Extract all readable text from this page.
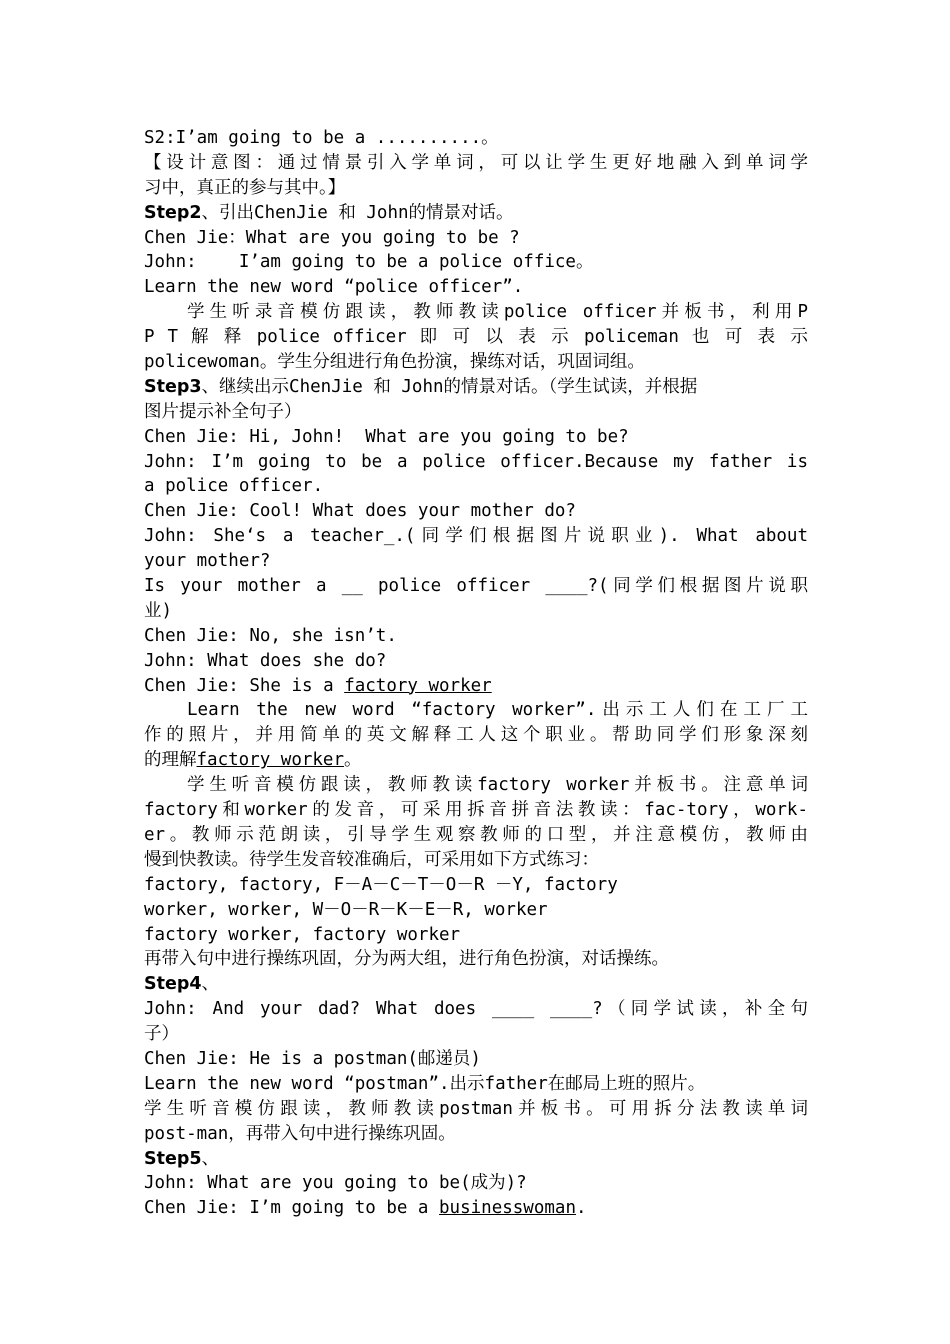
S2:I’am going to be a ..........。
【设计意图：通过情景引入学单词，可以让学生更好地融入到单词学
习中，真正的参与其中。】
Step2、引出ChenJie 和 John的情景对话。
Chen Jie：What are you going to be ?
John:    I’am going to be a police office。
Learn the new word “police officer”.
学生听录音模仿跟读，教师教读police officer并板书，利用P
P T 解 释 police officer 即 可 以 表 示 policeman 也 可 表 示
policewoman。学生分组进行角色扮演，操练对话，巩固词组。
Step3、继续出示ChenJie 和 John的情景对话。（学生试读，并根据
图片提示补全句子）
Chen Jie: Hi, John!  What are you going to be?
John: I’m going to be a police officer.Because my father is
a police officer.
Chen Jie: Cool! What does your mother do?
John: She‘s a teacher_.(同学们根据图片说职业). What about
your mother?
Is your mother a __ police officer ____?(同学们根据图片说职
业)
Chen Jie: No, she isn’t.
John: What does she do?
Chen Jie: She is a factory worker
Learn the new word “factory worker”.出示工人们在工厂工
作的照片，并用简单的英文解释工人这个职业。帮助同学们形象深刻
的理解factory worker。
学生听音模仿跟读，教师教读factory worker并板书。注意单词
factory和worker的发音，可采用拆音拼音法教读：fac-tory，work-
er。教师示范朗读，引导学生观察教师的口型，并注意模仿，教师由
慢到快教读。待学生发音较准确后，可采用如下方式练习：
factory, factory, F－A－C－T－O－R －Y, factory
worker, worker, W－O－R－K－E－R, worker
factory worker, factory worker
再带入句中进行操练巩固，分为两大组，进行角色扮演，对话操练。
Step4、
John: And your dad? What does ____ ____?（同学试读，补全句
子）
Chen Jie: He is a postman(邮递员)
Learn the new word “postman”.出示father在邮局上班的照片。
学生听音模仿跟读，教师教读postman并板书。可用拆分法教读单词
post-man，再带入句中进行操练巩固。
Step5、
John: What are you going to be(成为)?
Chen Jie: I’m going to be a businesswoman.
